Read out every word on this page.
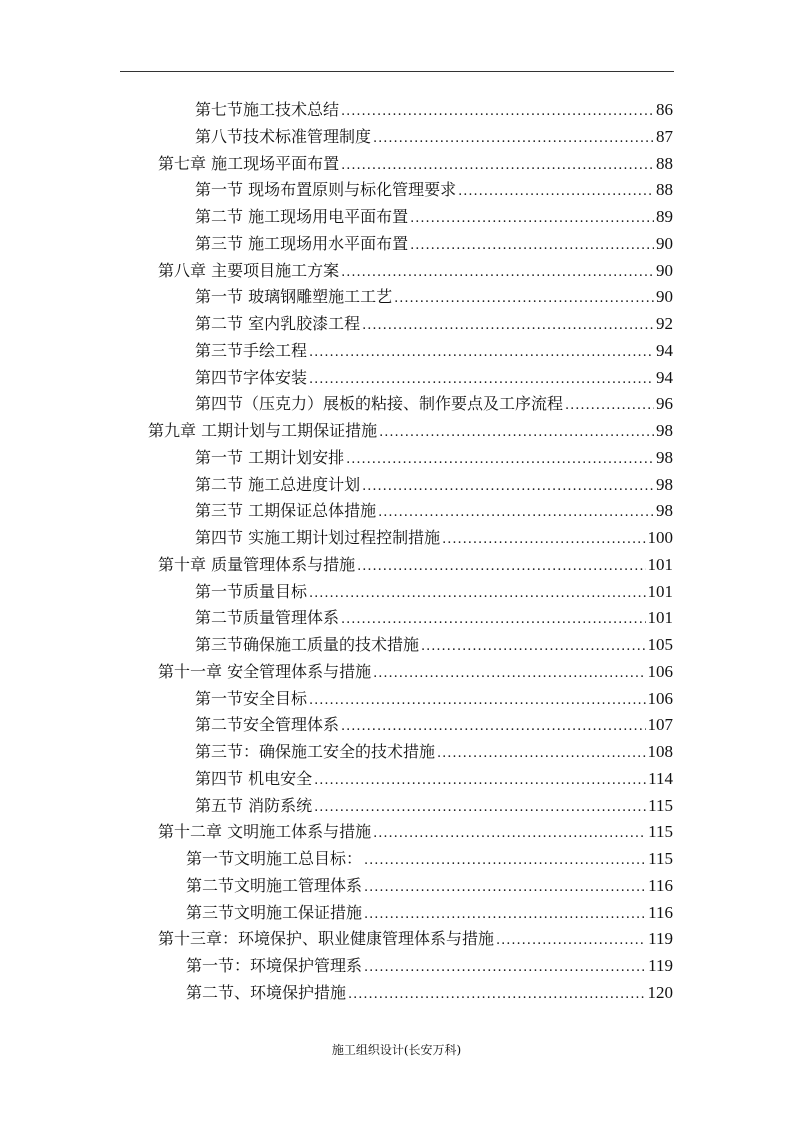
第七节施工技术总结 .....	86
第八节技术标准管理制度 .....	87
第七章 施工现场平面布置 .....	88
第一节 现场布置原则与标化管理要求 .....	88
第二节 施工现场用电平面布置 .....	89
第三节 施工现场用水平面布置 .....	90
第八章 主要项目施工方案 .....	90
第一节 玻璃钢雕塑施工工艺 .....	90
第二节 室内乳胶漆工程 .....	92
第三节手绘工程 .....	94
第四节字体安装 .....	94
第四节（压克力）展板的粘接、制作要点及工序流程 .....	96
第九章 工期计划与工期保证措施 .....	98
第一节 工期计划安排 .....	98
第二节 施工总进度计划 .....	98
第三节 工期保证总体措施 .....	98
第四节 实施工期计划过程控制措施 .....	100
第十章 质量管理体系与措施 .....	101
第一节质量目标 .....	101
第二节质量管理体系 .....	101
第三节确保施工质量的技术措施 .....	105
第十一章 安全管理体系与措施 .....	106
第一节安全目标 .....	106
第二节安全管理体系 .....	107
第三节：确保施工安全的技术措施 .....	108
第四节 机电安全 .....	114
第五节 消防系统 .....	115
第十二章 文明施工体系与措施 .....	115
第一节文明施工总目标： .....	115
第二节文明施工管理体系 .....	116
第三节文明施工保证措施 .....	116
第十三章：环境保护、职业健康管理体系与措施 .....	119
第一节：环境保护管理系 .....	119
第二节、环境保护措施 .....	120
施工组织设计(长安万科)
